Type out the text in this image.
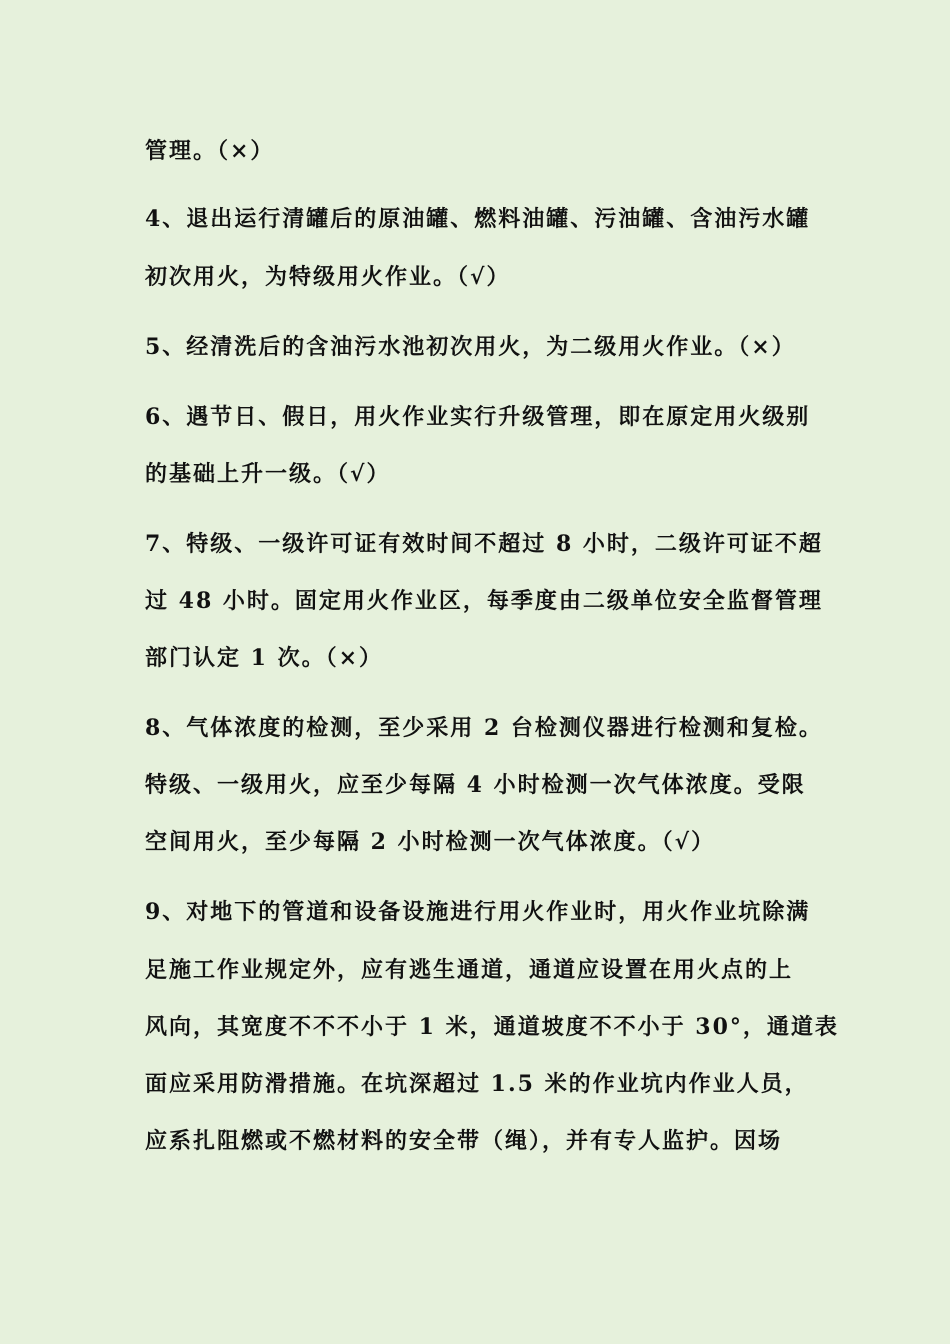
管理。（×）
4、退出运行清罐后的原油罐、燃料油罐、污油罐、含油污水罐
初次用火，为特级用火作业。（√）
5、经清洗后的含油污水池初次用火，为二级用火作业。（×）
6、遇节日、假日，用火作业实行升级管理，即在原定用火级别
的基础上升一级。（√）
7、特级、一级许可证有效时间不超过 8 小时，二级许可证不超
过 48 小时。固定用火作业区，每季度由二级单位安全监督管理
部门认定 1 次。（×）
8、气体浓度的检测，至少采用 2 台检测仪器进行检测和复检。
特级、一级用火，应至少每隔 4 小时检测一次气体浓度。受限
空间用火，至少每隔 2 小时检测一次气体浓度。（√）
9、对地下的管道和设备设施进行用火作业时，用火作业坑除满
足施工作业规定外，应有逃生通道，通道应设置在用火点的上
风向，其宽度不不不小于 1 米，通道坡度不不小于 30°，通道表
面应采用防滑措施。在坑深超过 1.5 米的作业坑内作业人员，
应系扎阻燃或不燃材料的安全带（绳），并有专人监护。因场
